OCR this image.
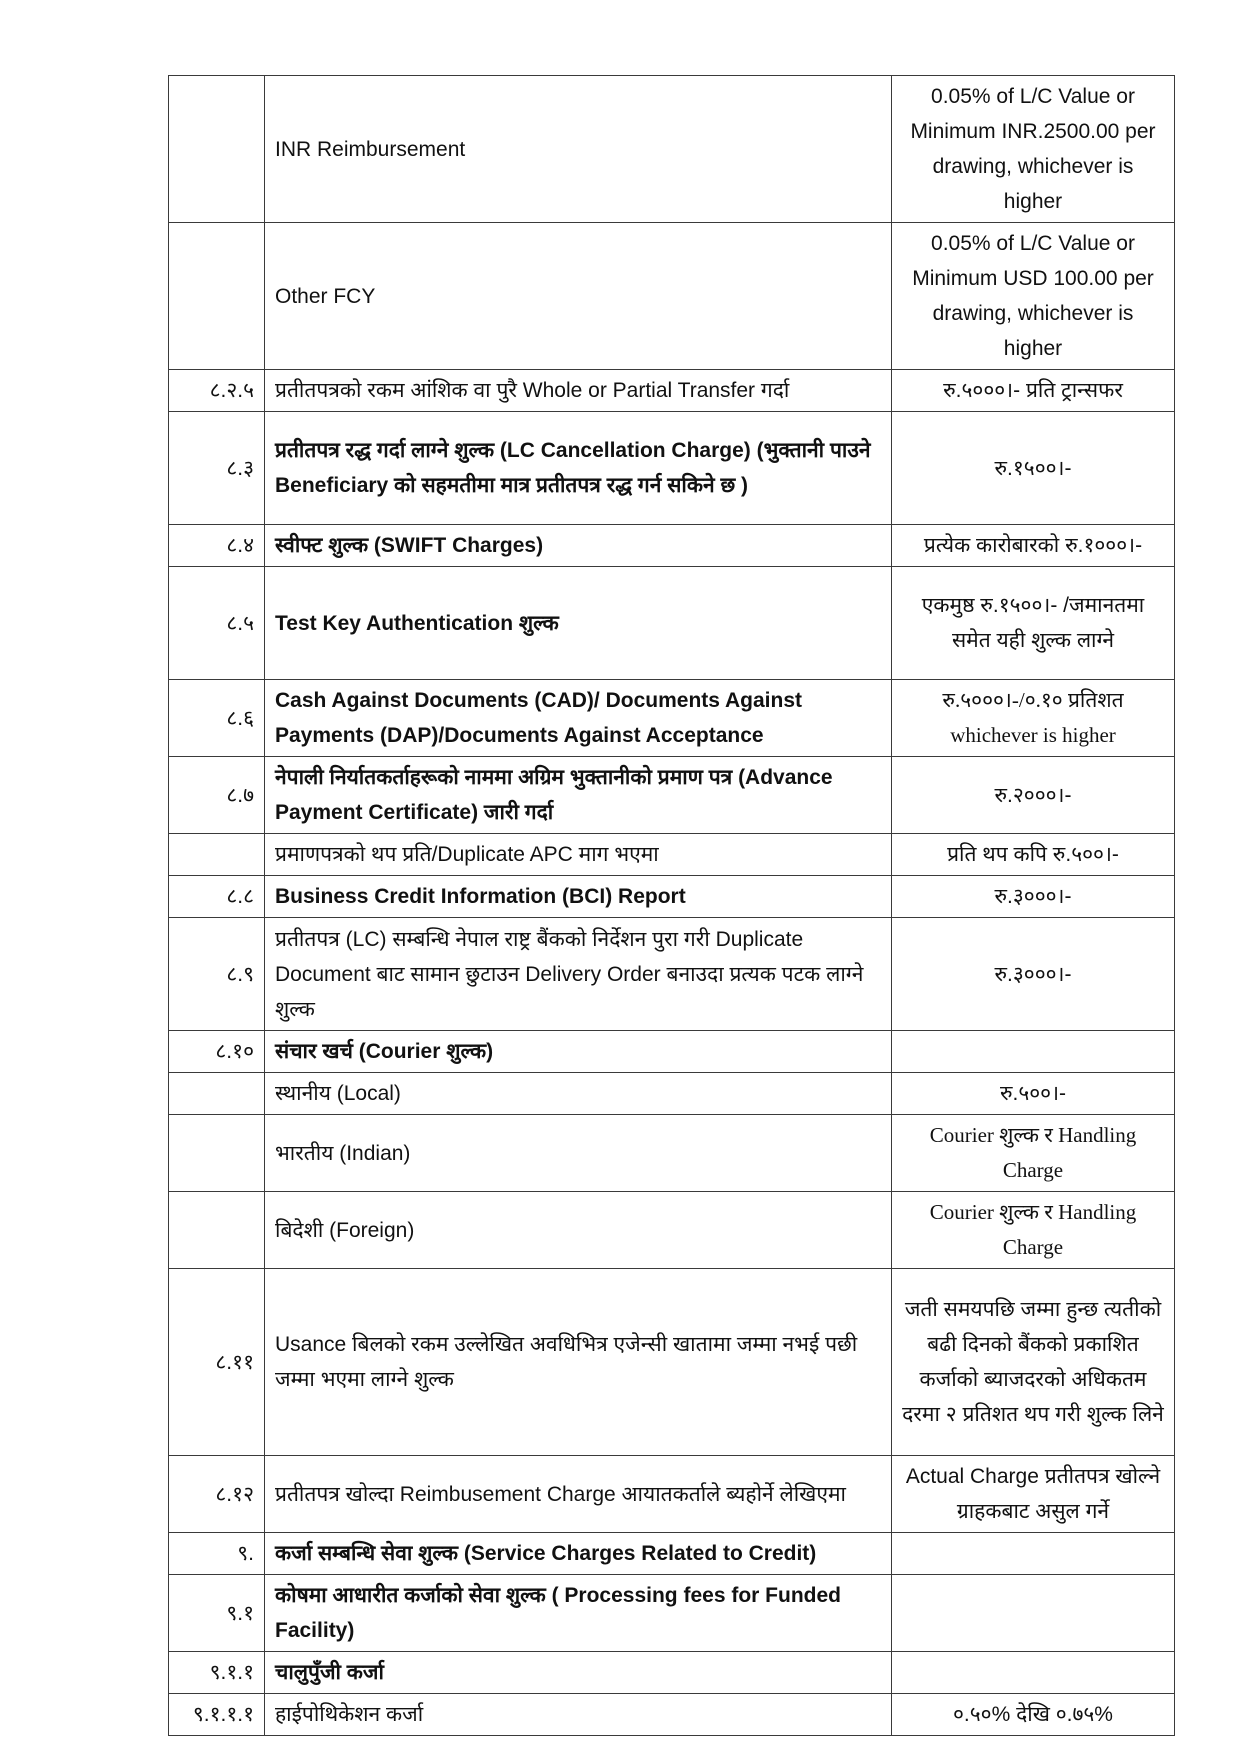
	INR Reimbursement	0.05% of L/C Value or Minimum INR.2500.00 per drawing, whichever is higher
	Other FCY	0.05% of L/C Value or Minimum USD 100.00 per drawing, whichever is higher
८.२.५	प्रतीतपत्रको रकम आंशिक वा पुरै Whole or Partial Transfer गर्दा	रु.५०००।- प्रति ट्रान्सफर
८.३	प्रतीतपत्र रद्ध गर्दा लाग्ने शुल्क (LC Cancellation Charge) (भुक्तानी पाउने Beneficiary को सहमतीमा मात्र प्रतीतपत्र रद्ध गर्न सकिने छ )	रु.१५००।-
८.४	स्वीफ्ट शुल्क (SWIFT Charges)	प्रत्येक कारोबारको रु.१०००।-
८.५	Test Key Authentication शुल्क	एकमुष्ठ रु.१५००।- /जमानतमा समेत यही शुल्क लाग्ने
८.६	Cash Against Documents (CAD)/ Documents Against Payments (DAP)/Documents Against Acceptance	रु.५०००।-/०.१० प्रतिशत whichever is higher
८.७	नेपाली निर्यातकर्ताहरूको नाममा अग्रिम भुक्तानीको प्रमाण पत्र (Advance Payment Certificate) जारी गर्दा	रु.२०००।-
	प्रमाणपत्रको थप प्रति/Duplicate APC माग भएमा	प्रति थप कपि रु.५००।-
८.८	Business Credit Information (BCI) Report	रु.३०००।-
८.९	प्रतीतपत्र (LC) सम्बन्धि नेपाल राष्ट्र बैंकको निर्देशन पुरा गरी Duplicate Document बाट सामान छुटाउन Delivery Order बनाउदा प्रत्यक पटक लाग्ने शुल्क	रु.३०००।-
८.१०	संचार खर्च (Courier शुल्क)	
	स्थानीय (Local)	रु.५००।-
	भारतीय (Indian)	Courier शुल्क र Handling Charge
	बिदेशी (Foreign)	Courier शुल्क र Handling Charge
८.११	Usance बिलको रकम उल्लेखित अवधिभित्र एजेन्सी खातामा जम्मा नभई पछी जम्मा भएमा लाग्ने शुल्क	जती समयपछि जम्मा हुन्छ त्यतीको बढी दिनको बैंकको प्रकाशित कर्जाको ब्याजदरको अधिकतम दरमा २ प्रतिशत थप गरी शुल्क लिने
८.१२	प्रतीतपत्र खोल्दा Reimbusement Charge आयातकर्ताले ब्यहोर्ने लेखिएमा	Actual Charge प्रतीतपत्र खोल्ने ग्राहकबाट असुल गर्ने
९.	कर्जा सम्बन्धि सेवा शुल्क (Service Charges Related to Credit)	
९.१	कोषमा आधारीत कर्जाको सेवा शुल्क ( Processing fees for Funded Facility)	
९.१.१	चालुपुँजी कर्जा	
९.१.१.१	हाईपोथिकेशन कर्जा	०.५०% देखि ०.७५%
